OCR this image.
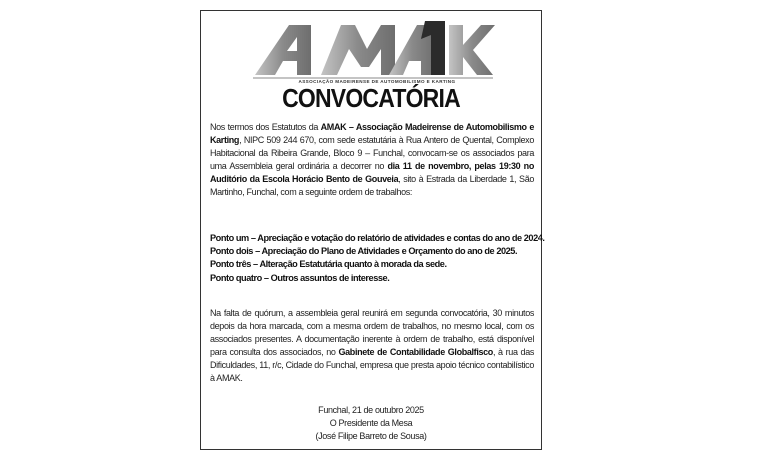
ASSOCIAÇÃO MADEIRENSE DE AUTOMOBILISMO E KARTING
CONVOCATÓRIA
Nos termos dos Estatutos da AMAK – Associação Madeirense de Automobilismo e Karting, NIPC 509 244 670, com sede estatutária à Rua Antero de Quental, Complexo Habitacional da Ribeira Grande, Bloco 9 – Funchal, convocam-se os associados para uma Assembleia geral ordinária a decorrer no dia 11 de novembro, pelas 19:30 no Auditório da Escola Horácio Bento de Gouveia, sito à Estrada da Liberdade 1, São Martinho, Funchal, com a seguinte ordem de trabalhos:
Ponto um – Apreciação e votação do relatório de atividades e contas do ano de 2024.
Ponto dois – Apreciação do Plano de Atividades e Orçamento do ano de 2025.
Ponto três – Alteração Estatutária quanto à morada da sede.
Ponto quatro – Outros assuntos de interesse.
Na falta de quórum, a assembleia geral reunirá em segunda convocatória, 30 minutos depois da hora marcada, com a mesma ordem de trabalhos, no mesmo local, com os associados presentes. A documentação inerente à ordem de trabalho, está disponível para consulta dos associados, no Gabinete de Contabilidade Globalfisco, à rua das Dificuldades, 11, r/c, Cidade do Funchal, empresa que presta apoio técnico contabilístico à AMAK.
Funchal, 21 de outubro 2025
O Presidente da Mesa
(José Filipe Barreto de Sousa)
